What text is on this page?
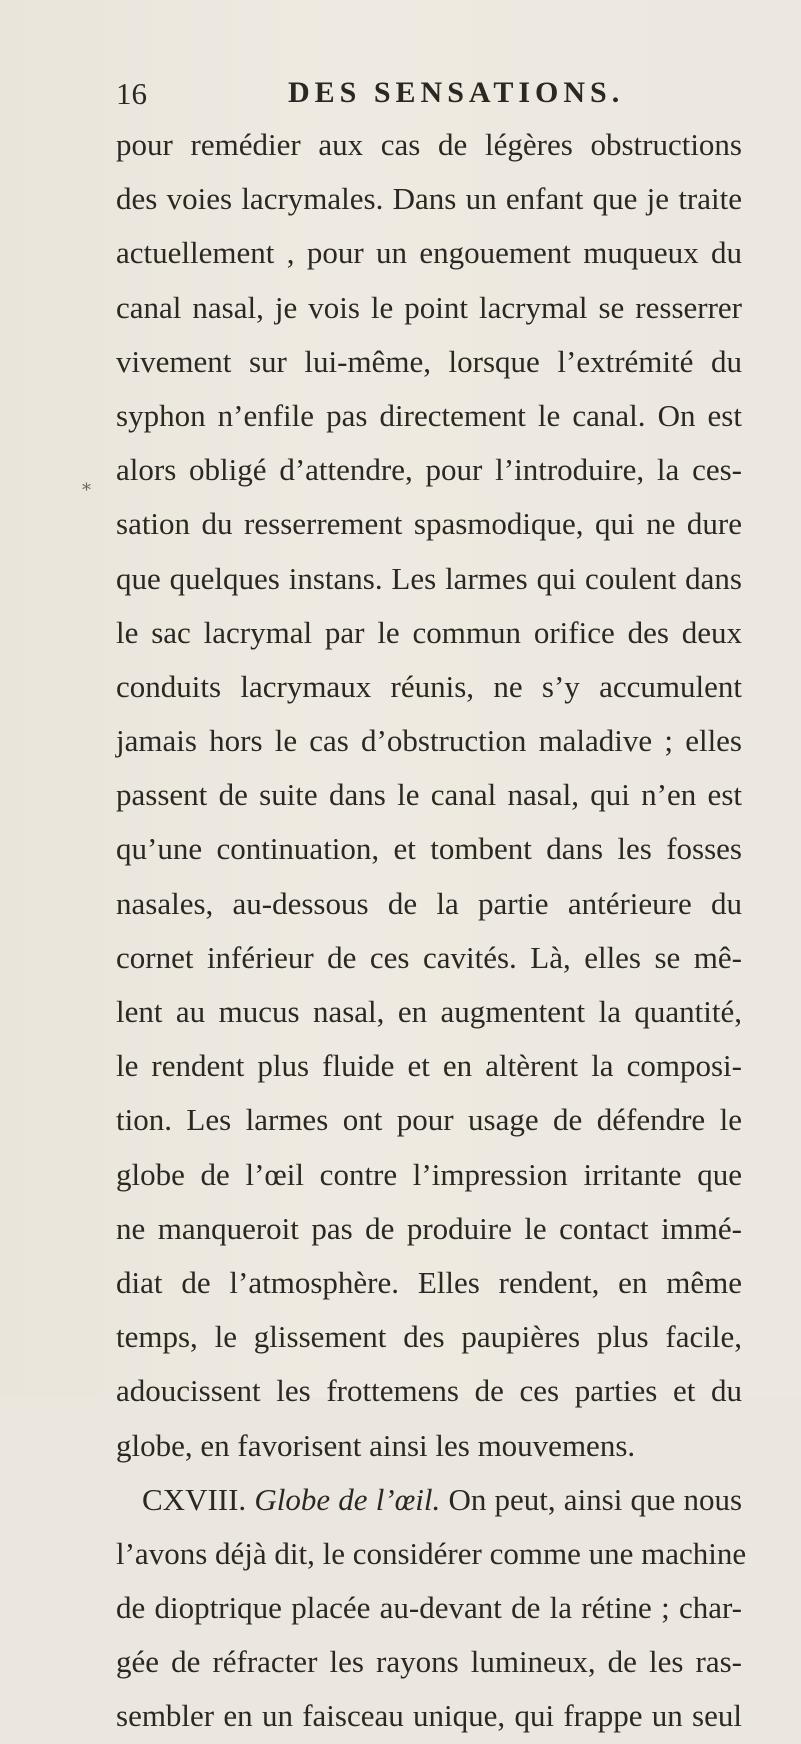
16	DES SENSATIONS.
*
pour remédier aux cas de légères obstructions
des voies lacrymales. Dans un enfant que je traite
actuellement , pour un engouement muqueux du
canal nasal, je vois le point lacrymal se resserrer
vivement sur lui-même, lorsque l’extrémité du
syphon n’enfile pas directement le canal. On est
alors obligé d’attendre, pour l’introduire, la ces-
sation du resserrement spasmodique, qui ne dure
que quelques instans. Les larmes qui coulent dans
le sac lacrymal par le commun orifice des deux
conduits lacrymaux réunis, ne s’y accumulent
jamais hors le cas d’obstruction maladive ; elles
passent de suite dans le canal nasal, qui n’en est
qu’une continuation, et tombent dans les fosses
nasales, au-dessous de la partie antérieure du
cornet inférieur de ces cavités. Là, elles se mê-
lent au mucus nasal, en augmentent la quantité,
le rendent plus fluide et en altèrent la composi-
tion. Les larmes ont pour usage de défendre le
globe de l’œil contre l’impression irritante que
ne manqueroit pas de produire le contact immé-
diat de l’atmosphère. Elles rendent, en même
temps, le glissement des paupières plus facile,
adoucissent les frottemens de ces parties et du
globe, en favorisent ainsi les mouvemens.
CXVIII. Globe de l’œil. On peut, ainsi que nous
l’avons déjà dit, le considérer comme une machine
de dioptrique placée au-devant de la rétine ; char-
gée de réfracter les rayons lumineux, de les ras-
sembler en un faisceau unique, qui frappe un seul
